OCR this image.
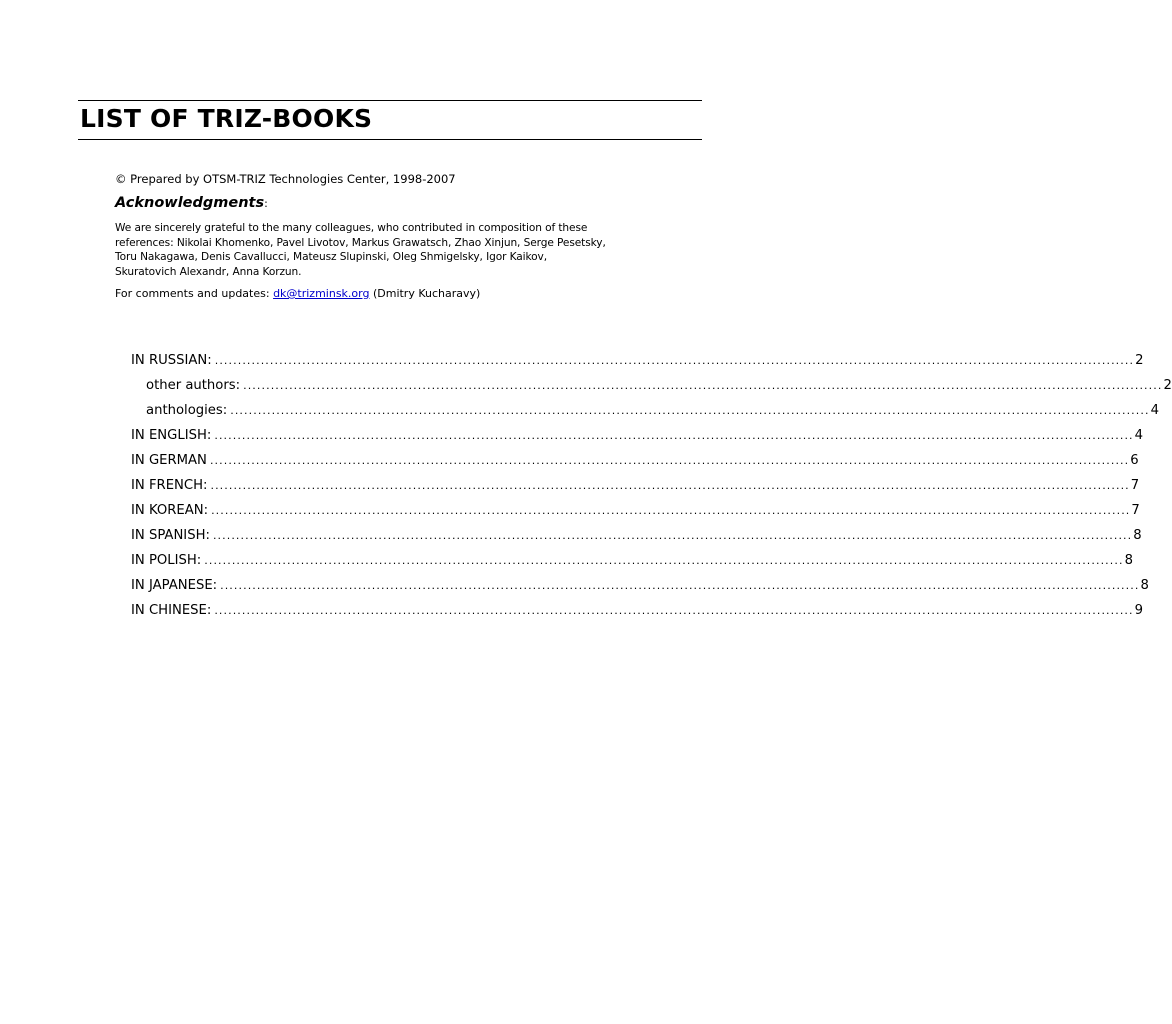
LIST OF TRIZ-BOOKS
© Prepared by OTSM-TRIZ Technologies Center, 1998-2007
Acknowledgments:
We are sincerely grateful to the many colleagues, who contributed in composition of these
references: Nikolai Khomenko, Pavel Livotov, Markus Grawatsch, Zhao Xinjun, Serge Pesetsky,
Toru Nakagawa, Denis Cavallucci, Mateusz Slupinski, Oleg Shmigelsky, Igor Kaikov,
Skuratovich Alexandr, Anna Korzun.
For comments and updates: dk@trizminsk.org (Dmitry Kucharavy)
IN RUSSIAN: ........................................................................................................................................................................................................ 2
other authors: ........................................................................................................................................................................................................ 2
anthologies: ........................................................................................................................................................................................................ 4
IN ENGLISH: ........................................................................................................................................................................................................ 4
IN GERMAN ........................................................................................................................................................................................................ 6
IN FRENCH: ........................................................................................................................................................................................................ 7
IN KOREAN: ........................................................................................................................................................................................................ 7
IN SPANISH: ........................................................................................................................................................................................................ 8
IN POLISH: ........................................................................................................................................................................................................ 8
IN JAPANESE: ........................................................................................................................................................................................................ 8
IN CHINESE: ........................................................................................................................................................................................................ 9
